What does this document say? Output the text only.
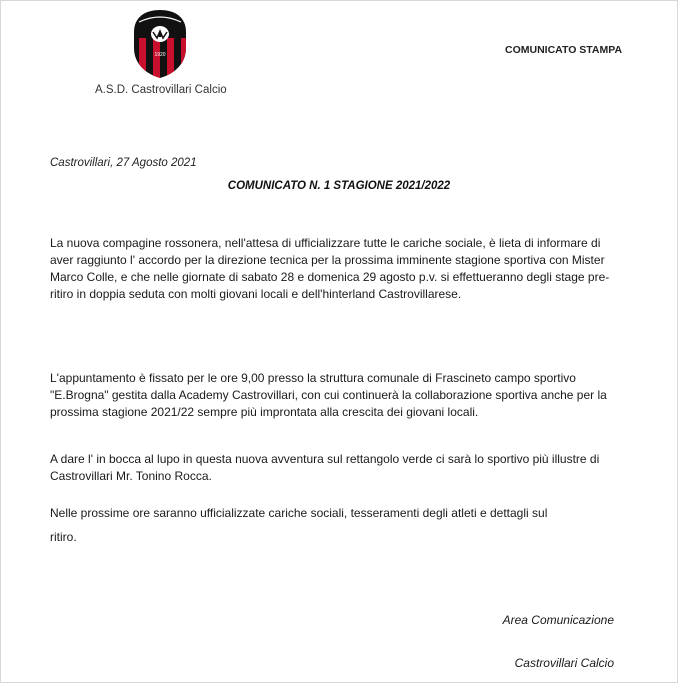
1920
A.S.D. Castrovillari Calcio
COMUNICATO STAMPA
Castrovillari, 27 Agosto 2021
COMUNICATO N. 1 STAGIONE 2021/2022

La nuova compagine rossonera, nell'attesa di ufficializzare tutte le cariche sociale, è lieta di informare di aver raggiunto l' accordo per la direzione tecnica per la prossima imminente stagione sportiva con Mister Marco Colle, e che nelle giornate di sabato 28 e domenica 29 agosto p.v. si effettueranno degli stage pre-ritiro in doppia seduta con molti giovani locali e dell'hinterland Castrovillarese.

L'appuntamento è fissato per le ore 9,00 presso la struttura comunale di Frascineto campo sportivo "E.Brogna" gestita dalla Academy Castrovillari, con cui continuerà la collaborazione sportiva anche per la prossima stagione 2021/22 sempre più improntata alla crescita dei giovani locali.

A dare l' in bocca al lupo in questa nuova avventura sul rettangolo verde ci sarà lo sportivo più illustre di Castrovillari Mr. Tonino Rocca.

Nelle prossime ore saranno ufficializzate cariche sociali, tesseramenti degli atleti e dettagli sul

ritiro.

Area Comunicazione
Castrovillari Calcio
